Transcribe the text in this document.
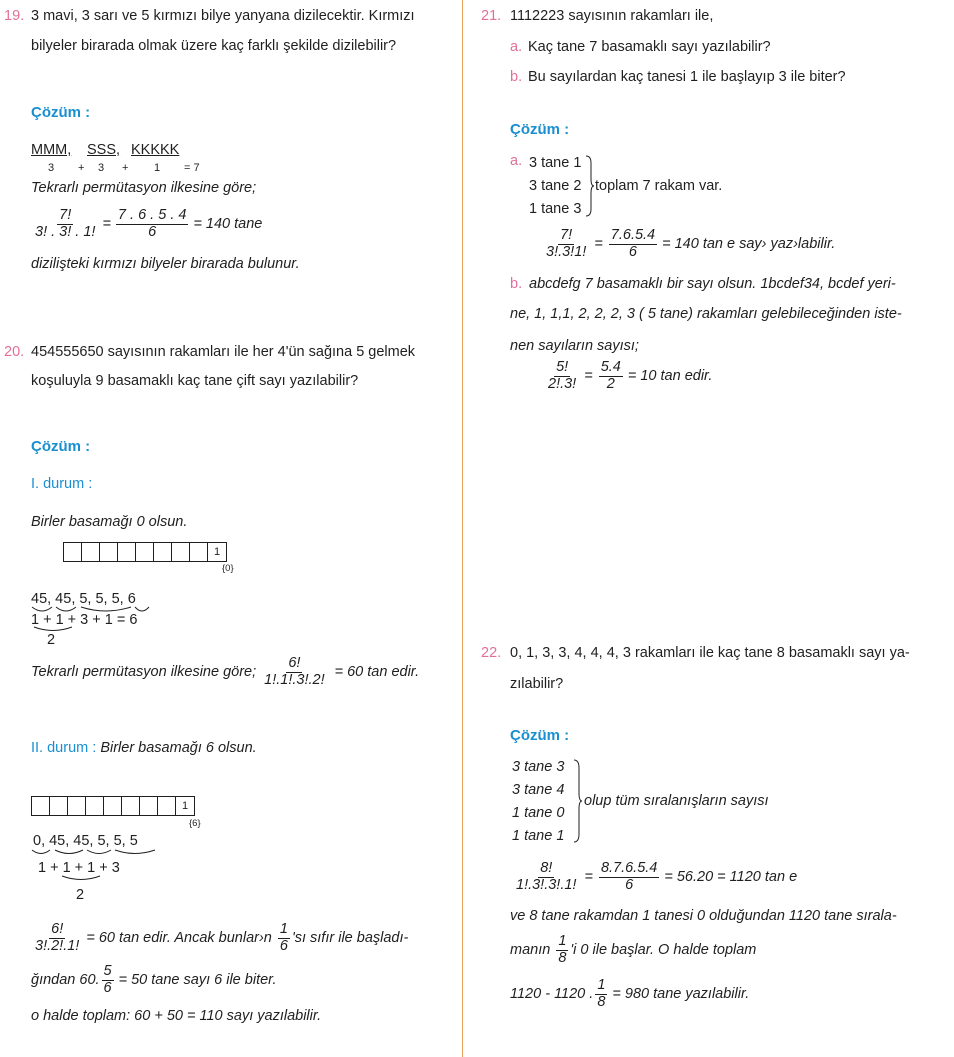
19. 3 mavi, 3 sarı ve 5 kırmızı bilye yanyana dizilecektir. Kırmızı
bilyeler birarada olmak üzere kaç farklı şekilde dizilebilir?
Çözüm :
MMM, SSS, KKKKK
3 + 3 + 1 = 7
Tekrarlı permütasyon ilkesine göre;
$\frac{7!}{3! . 3! . 1!} = \frac{7 . 6 . 5 . 4}{6} = 140$ tane
dizilişteki kırmızı bilyeler birarada bulunur.
20. 454555650 sayısının rakamları ile her 4'ün sağına 5 gelmek
koşuluyla 9 basamaklı kaç tane çift sayı yazılabilir?
Çözüm :
I. durum :
Birler basamağı 0 olsun.
1
{0}
45, 45, 5, 5, 5, 6
1 + 1 + 3 + 1 = 6
2
Tekrarlı permütasyon ilkesine göre; $\frac{6!}{1!.1!.3!.2!} = 60$ tan edir.
II. durum : Birler basamağı 6 olsun.
1
{6}
0, 45, 45, 5, 5, 5
1 + 1 + 1 + 3
2
$\frac{6!}{3!.2!.1!} = 60$ tan edir. Ancak bunlar›n $\frac{1}{6}$ 'sı sıfır ile başladı-
ğından 60. $\frac{5}{6} = 50$ tane sayı 6 ile biter.
o halde toplam: 60 + 50 = 110 sayı yazılabilir.
21. 1112223 sayısının rakamları ile,
a. Kaç tane 7 basamaklı sayı yazılabilir?
b. Bu sayılardan kaç tanesi 1 ile başlayıp 3 ile biter?
Çözüm :
a. 3 tane 1
3 tane 2
1 tane 3
toplam 7 rakam var.
$\frac{7!}{3!.3!1!} = \frac{7.6.5.4}{6} = 140$ tan e say› yaz›labilir.
b. abcdefg 7 basamaklı bir sayı olsun. 1bcdef34, bcdef yeri-
ne, 1, 1,1, 2, 2, 2, 3 ( 5 tane) rakamları gelebileceğinden iste-
nen sayıların sayısı;
$\frac{5!}{2!.3!} = \frac{5.4}{2} = 10$ tan edir.
22. 0, 1, 3, 3, 4, 4, 4, 3 rakamları ile kaç tane 8 basamaklı sayı ya-
zılabilir?
Çözüm :
3 tane 3
3 tane 4
1 tane 0
1 tane 1
olup tüm sıralanışların sayısı
$\frac{8!}{1!.3!.3!.1!} = \frac{8.7.6.5.4}{6} = 56.20 = 1120$ tan e
ve 8 tane rakamdan 1 tanesi 0 olduğundan 1120 tane sırala-
manın $\frac{1}{8}$ 'i 0 ile başlar. O halde toplam
1120 - 1120 . $\frac{1}{8} = 980$ tane yazılabilir.
